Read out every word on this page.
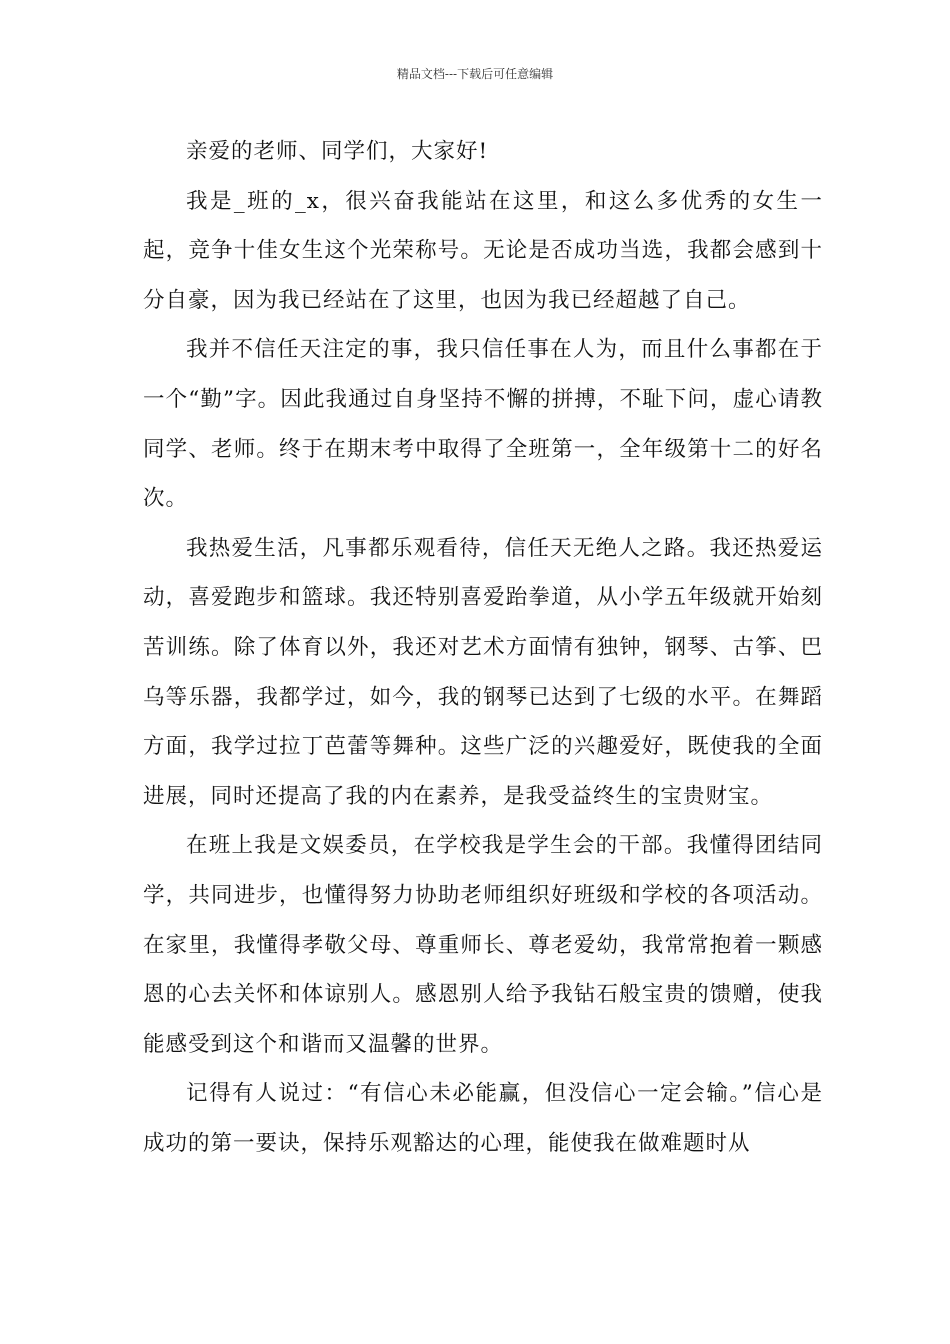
精品文档---下载后可任意编辑

亲爱的老师、同学们，大家好!

我是_班的_x，很兴奋我能站在这里，和这么多优秀的女生一起，竞争十佳女生这个光荣称号。无论是否成功当选，我都会感到十分自豪，因为我已经站在了这里，也因为我已经超越了自己。

我并不信任天注定的事，我只信任事在人为，而且什么事都在于一个“勤”字。因此我通过自身坚持不懈的拼搏，不耻下问，虚心请教同学、老师。终于在期末考中取得了全班第一，全年级第十二的好名次。

我热爱生活，凡事都乐观看待，信任天无绝人之路。我还热爱运动，喜爱跑步和篮球。我还特别喜爱跆拳道，从小学五年级就开始刻苦训练。除了体育以外，我还对艺术方面情有独钟，钢琴、古筝、巴乌等乐器，我都学过，如今，我的钢琴已达到了七级的水平。在舞蹈方面，我学过拉丁芭蕾等舞种。这些广泛的兴趣爱好，既使我的全面进展，同时还提高了我的内在素养，是我受益终生的宝贵财宝。

在班上我是文娱委员，在学校我是学生会的干部。我懂得团结同学，共同进步，也懂得努力协助老师组织好班级和学校的各项活动。在家里，我懂得孝敬父母、尊重师长、尊老爱幼，我常常抱着一颗感恩的心去关怀和体谅别人。感恩别人给予我钻石般宝贵的馈赠，使我能感受到这个和谐而又温馨的世界。

记得有人说过：“有信心未必能赢，但没信心一定会输。”信心是成功的第一要诀，保持乐观豁达的心理，能使我在做难题时从
